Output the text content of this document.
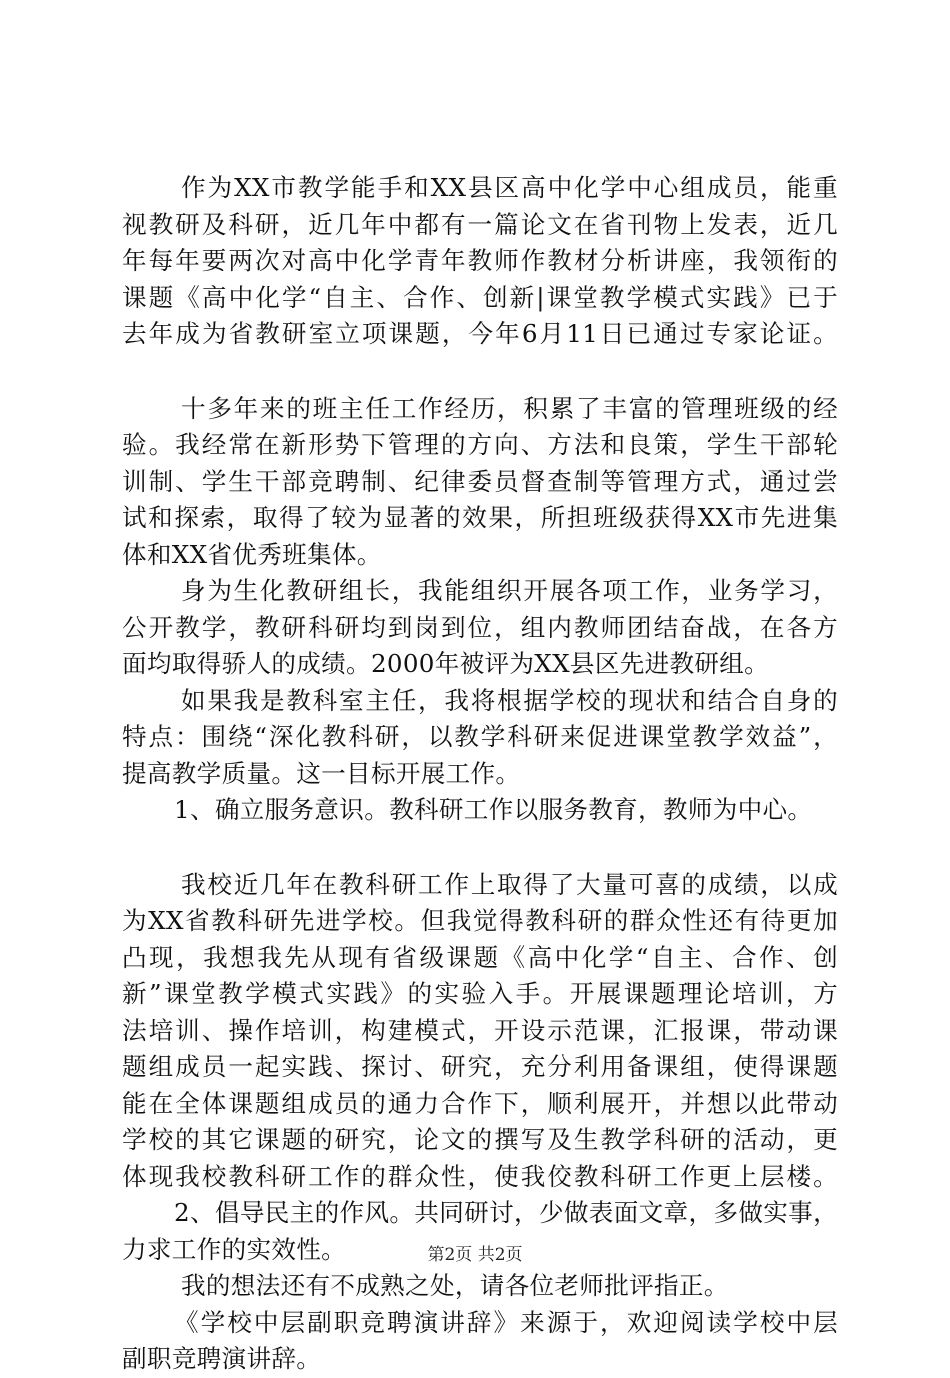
作为XX市教学能手和XX县区高中化学中心组成员，能重
视教研及科研，近几年中都有一篇论文在省刊物上发表，近几
年每年要两次对高中化学青年教师作教材分析讲座，我领衔的
课题《高中化学“自主、合作、创新|课堂教学模式实践》已于
去年成为省教研室立项课题，今年6月11日已通过专家论证。
十多年来的班主任工作经历，积累了丰富的管理班级的经
验。我经常在新形势下管理的方向、方法和良策，学生干部轮
训制、学生干部竞聘制、纪律委员督查制等管理方式，通过尝
试和探索，取得了较为显著的效果，所担班级获得XX市先进集
体和XX省优秀班集体。
身为生化教研组长，我能组织开展各项工作，业务学习，
公开教学，教研科研均到岗到位，组内教师团结奋战，在各方
面均取得骄人的成绩。2000年被评为XX县区先进教研组。
如果我是教科室主任，我将根据学校的现状和结合自身的
特点：围绕“深化教科研，以教学科研来促进课堂教学效益”，
提高教学质量。这一目标开展工作。
1、确立服务意识。教科研工作以服务教育，教师为中心。
我校近几年在教科研工作上取得了大量可喜的成绩，以成
为XX省教科研先进学校。但我觉得教科研的群众性还有待更加
凸现，我想我先从现有省级课题《高中化学“自主、合作、创
新”课堂教学模式实践》的实验入手。开展课题理论培训，方
法培训、操作培训，构建模式，开设示范课，汇报课，带动课
题组成员一起实践、探讨、研究，充分利用备课组，使得课题
能在全体课题组成员的通力合作下，顺利展开，并想以此带动
学校的其它课题的研究，论文的撰写及生教学科研的活动，更
体现我校教科研工作的群众性，使我佼教科研工作更上层楼。
2、倡导民主的作风。共同研讨，少做表面文章，多做实事，
力求工作的实效性。
我的想法还有不成熟之处，请各位老师批评指正。
《学校中层副职竞聘演讲辞》来源于，欢迎阅读学校中层
副职竞聘演讲辞。
第2页 共2页
